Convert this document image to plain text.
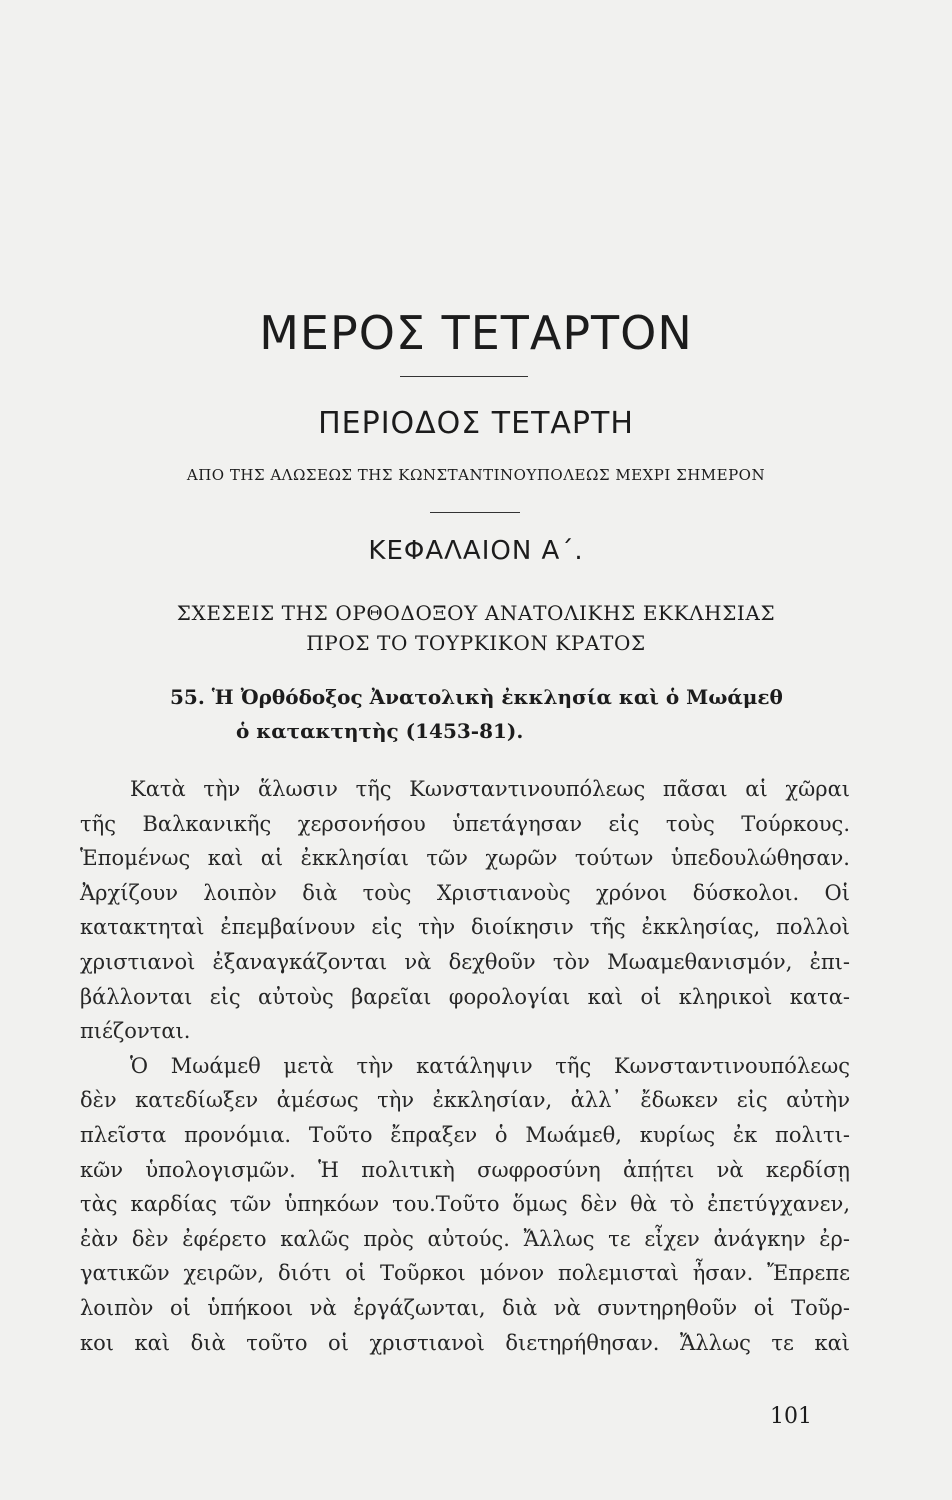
ΜΕΡΟΣ ΤΕΤΑΡΤΟΝ
ΠΕΡΙΟΔΟΣ ΤΕΤΑΡΤΗ
ΑΠΟ ΤΗΣ ΑΛΩΣΕΩΣ ΤΗΣ ΚΩΝΣΤΑΝΤΙΝΟΥΠΟΛΕΩΣ ΜΕΧΡΙ ΣΗΜΕΡΟΝ
ΚΕΦΑΛΑΙΟΝ Α΄.
ΣΧΕΣΕΙΣ ΤΗΣ ΟΡΘΟΔΟΞΟΥ ΑΝΑΤΟΛΙΚΗΣ ΕΚΚΛΗΣΙΑΣ
ΠΡΟΣ ΤΟ ΤΟΥΡΚΙΚΟΝ ΚΡΑΤΟΣ
55. Ἡ Ὀρθόδοξος Ἀνατολικὴ ἐκκλησία καὶ ὁ Μωάμεθ
ὁ κατακτητὴς (1453-81).
Κατὰ τὴν ἅλωσιν τῆς Κωνσταντινουπόλεως πᾶσαι αἱ χῶραι
τῆς Βαλκανικῆς χερσονήσου ὑπετάγησαν εἰς τοὺς Τούρκους.
Ἑπομένως καὶ αἱ ἐκκλησίαι τῶν χωρῶν τούτων ὑπεδουλώθησαν.
Ἀρχίζουν λοιπὸν διὰ τοὺς Χριστιανοὺς χρόνοι δύσκολοι. Οἱ
κατακτηταὶ ἐπεμβαίνουν εἰς τὴν διοίκησιν τῆς ἐκκλησίας, πολλοὶ
χριστιανοὶ ἐξαναγκάζονται νὰ δεχθοῦν τὸν Μωαμεθανισμόν, ἐπι-
βάλλονται εἰς αὐτοὺς βαρεῖαι φορολογίαι καὶ οἱ κληρικοὶ κατα-
πιέζονται.
Ὁ Μωάμεθ μετὰ τὴν κατάληψιν τῆς Κωνσταντινουπόλεως
δὲν κατεδίωξεν ἀμέσως τὴν ἐκκλησίαν, ἀλλ᾽ ἔδωκεν εἰς αὐτὴν
πλεῖστα προνόμια. Τοῦτο ἔπραξεν ὁ Μωάμεθ, κυρίως ἐκ πολιτι-
κῶν ὑπολογισμῶν. Ἡ πολιτικὴ σωφροσύνη ἀπῄτει νὰ κερδίσῃ
τὰς καρδίας τῶν ὑπηκόων του.Τοῦτο ὅμως δὲν θὰ τὸ ἐπετύγχανεν,
ἐὰν δὲν ἐφέρετο καλῶς πρὸς αὐτούς. Ἄλλως τε εἶχεν ἀνάγκην ἐρ-
γατικῶν χειρῶν, διότι οἱ Τοῦρκοι μόνον πολεμισταὶ ἦσαν. Ἔπρεπε
λοιπὸν οἱ ὑπήκοοι νὰ ἐργάζωνται, διὰ νὰ συντηρηθοῦν οἱ Τοῦρ-
κοι καὶ διὰ τοῦτο οἱ χριστιανοὶ διετηρήθησαν. Ἄλλως τε καὶ
101
